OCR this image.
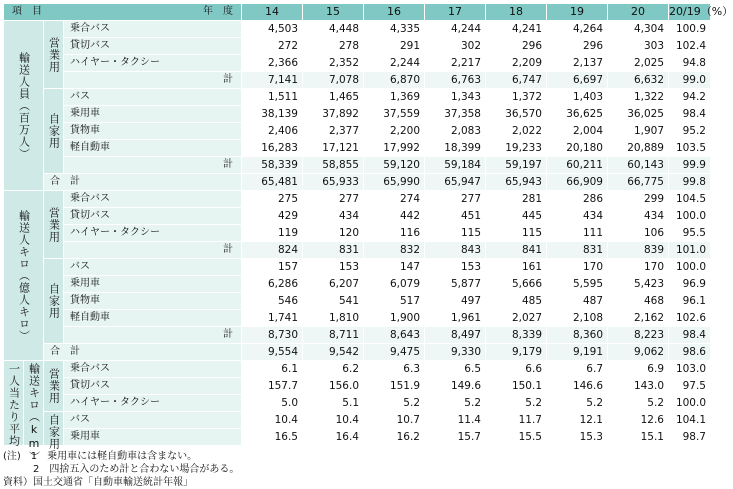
項　目 年　度				14	15	16	17	18	19	20	20/19（%）
輸送人員（百万人）		営業用	乗合バス	4,503	4,448	4,335	4,244	4,241	4,264	4,304	100.9
			貸切バス	272	278	291	302	296	296	303	102.4
			ハイヤー・タクシー	2,366	2,352	2,244	2,217	2,209	2,137	2,025	94.8
			計	7,141	7,078	6,870	6,763	6,747	6,697	6,632	99.0
		自家用	バス	1,511	1,465	1,369	1,343	1,372	1,403	1,322	94.2
			乗用車	38,139	37,892	37,559	37,358	36,570	36,625	36,025	98.4
			貨物車	2,406	2,377	2,200	2,083	2,022	2,004	1,907	95.2
			軽自動車	16,283	17,121	17,992	18,399	19,233	20,180	20,889	103.5
			計	58,339	58,855	59,120	59,184	59,197	60,211	60,143	99.9
		合　計		65,481	65,933	65,990	65,947	65,943	66,909	66,775	99.8
輸送人キロ（億人キロ）		営業用	乗合バス	275	277	274	277	281	286	299	104.5
			貸切バス	429	434	442	451	445	434	434	100.0
			ハイヤー・タクシー	119	120	116	115	115	111	106	95.5
			計	824	831	832	843	841	831	839	101.0
		自家用	バス	157	153	147	153	161	170	170	100.0
			乗用車	6,286	6,207	6,079	5,877	5,666	5,595	5,423	96.9
			貨物車	546	541	517	497	485	487	468	96.1
			軽自動車	1,741	1,810	1,900	1,961	2,027	2,108	2,162	102.6
			計	8,730	8,711	8,643	8,497	8,339	8,360	8,223	98.4
		合　計		9,554	9,542	9,475	9,330	9,179	9,191	9,062	98.6
一人当たり平均	輸送キロ（km）	営業用	乗合バス	6.1	6.2	6.3	6.5	6.6	6.7	6.9	103.0
			貸切バス	157.7	156.0	151.9	149.6	150.1	146.6	143.0	97.5
			ハイヤー・タクシー	5.0	5.1	5.2	5.2	5.2	5.2	5.2	100.0
		自家用	バス	10.4	10.4	10.7	11.4	11.7	12.1	12.6	104.1
			乗用車	16.5	16.4	16.2	15.7	15.5	15.3	15.1	98.7
(注)　1　乗用車には軽自動車は含まない。
　　　2　四捨五入のため計と合わない場合がある。
資料）国土交通省「自動車輸送統計年報」
